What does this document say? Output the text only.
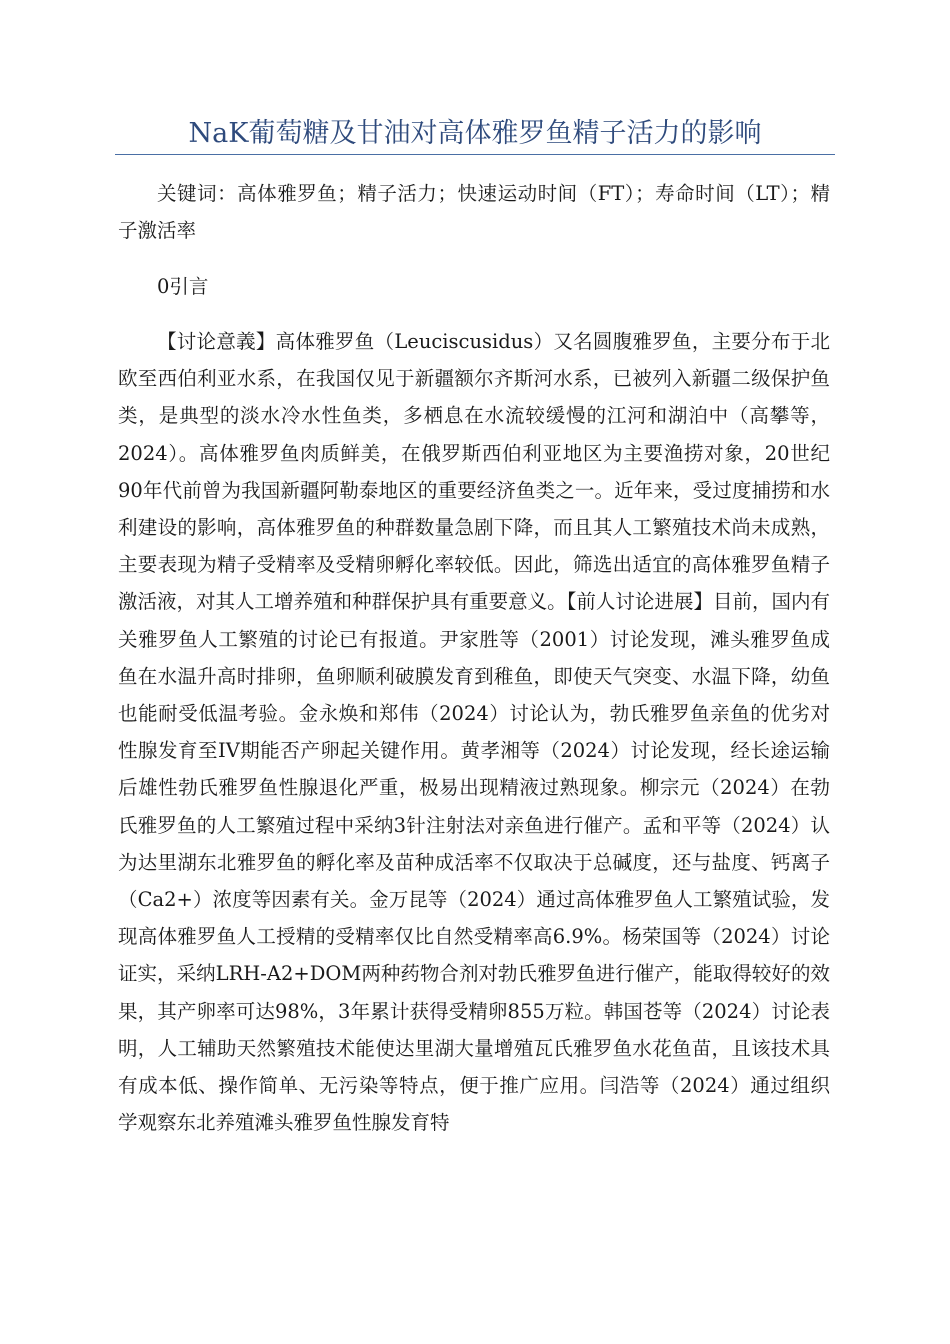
NaK葡萄糖及甘油对高体雅罗鱼精子活力的影响

关键词：高体雅罗鱼；精子活力；快速运动时间（FT）；寿命时间（LT）；精子激活率

0引言

【讨论意義】高体雅罗鱼（Leuciscusidus）又名圆腹雅罗鱼，主要分布于北欧至西伯利亚水系，在我国仅见于新疆额尔齐斯河水系，已被列入新疆二级保护鱼类，是典型的淡水冷水性鱼类，多栖息在水流较缓慢的江河和湖泊中（高攀等，2024）。高体雅罗鱼肉质鲜美，在俄罗斯西伯利亚地区为主要渔捞对象，20世纪90年代前曾为我国新疆阿勒泰地区的重要经济鱼类之一。近年来，受过度捕捞和水利建设的影响，高体雅罗鱼的种群数量急剧下降，而且其人工繁殖技术尚未成熟，主要表现为精子受精率及受精卵孵化率较低。因此，筛选出适宜的高体雅罗鱼精子激活液，对其人工增养殖和种群保护具有重要意义。【前人讨论进展】目前，国内有关雅罗鱼人工繁殖的讨论已有报道。尹家胜等（2001）讨论发现，滩头雅罗鱼成鱼在水温升高时排卵，鱼卵顺利破膜发育到稚鱼，即使天气突变、水温下降，幼鱼也能耐受低温考验。金永焕和郑伟（2024）讨论认为，勃氏雅罗鱼亲鱼的优劣对性腺发育至IV期能否产卵起关键作用。黄孝湘等（2024）讨论发现，经长途运输后雄性勃氏雅罗鱼性腺退化严重，极易出现精液过熟现象。柳宗元（2024）在勃氏雅罗鱼的人工繁殖过程中采纳3针注射法对亲鱼进行催产。孟和平等（2024）认为达里湖东北雅罗鱼的孵化率及苗种成活率不仅取决于总碱度，还与盐度、钙离子（Ca2+）浓度等因素有关。金万昆等（2024）通过高体雅罗鱼人工繁殖试验，发现高体雅罗鱼人工授精的受精率仅比自然受精率高6.9%。杨荣国等（2024）讨论证实，采纳LRH-A2+DOM两种药物合剂对勃氏雅罗鱼进行催产，能取得较好的效果，其产卵率可达98%，3年累计获得受精卵855万粒。韩国苍等（2024）讨论表明，人工辅助天然繁殖技术能使达里湖大量增殖瓦氏雅罗鱼水花鱼苗，且该技术具有成本低、操作简单、无污染等特点，便于推广应用。闫浩等（2024）通过组织学观察东北养殖滩头雅罗鱼性腺发育特
